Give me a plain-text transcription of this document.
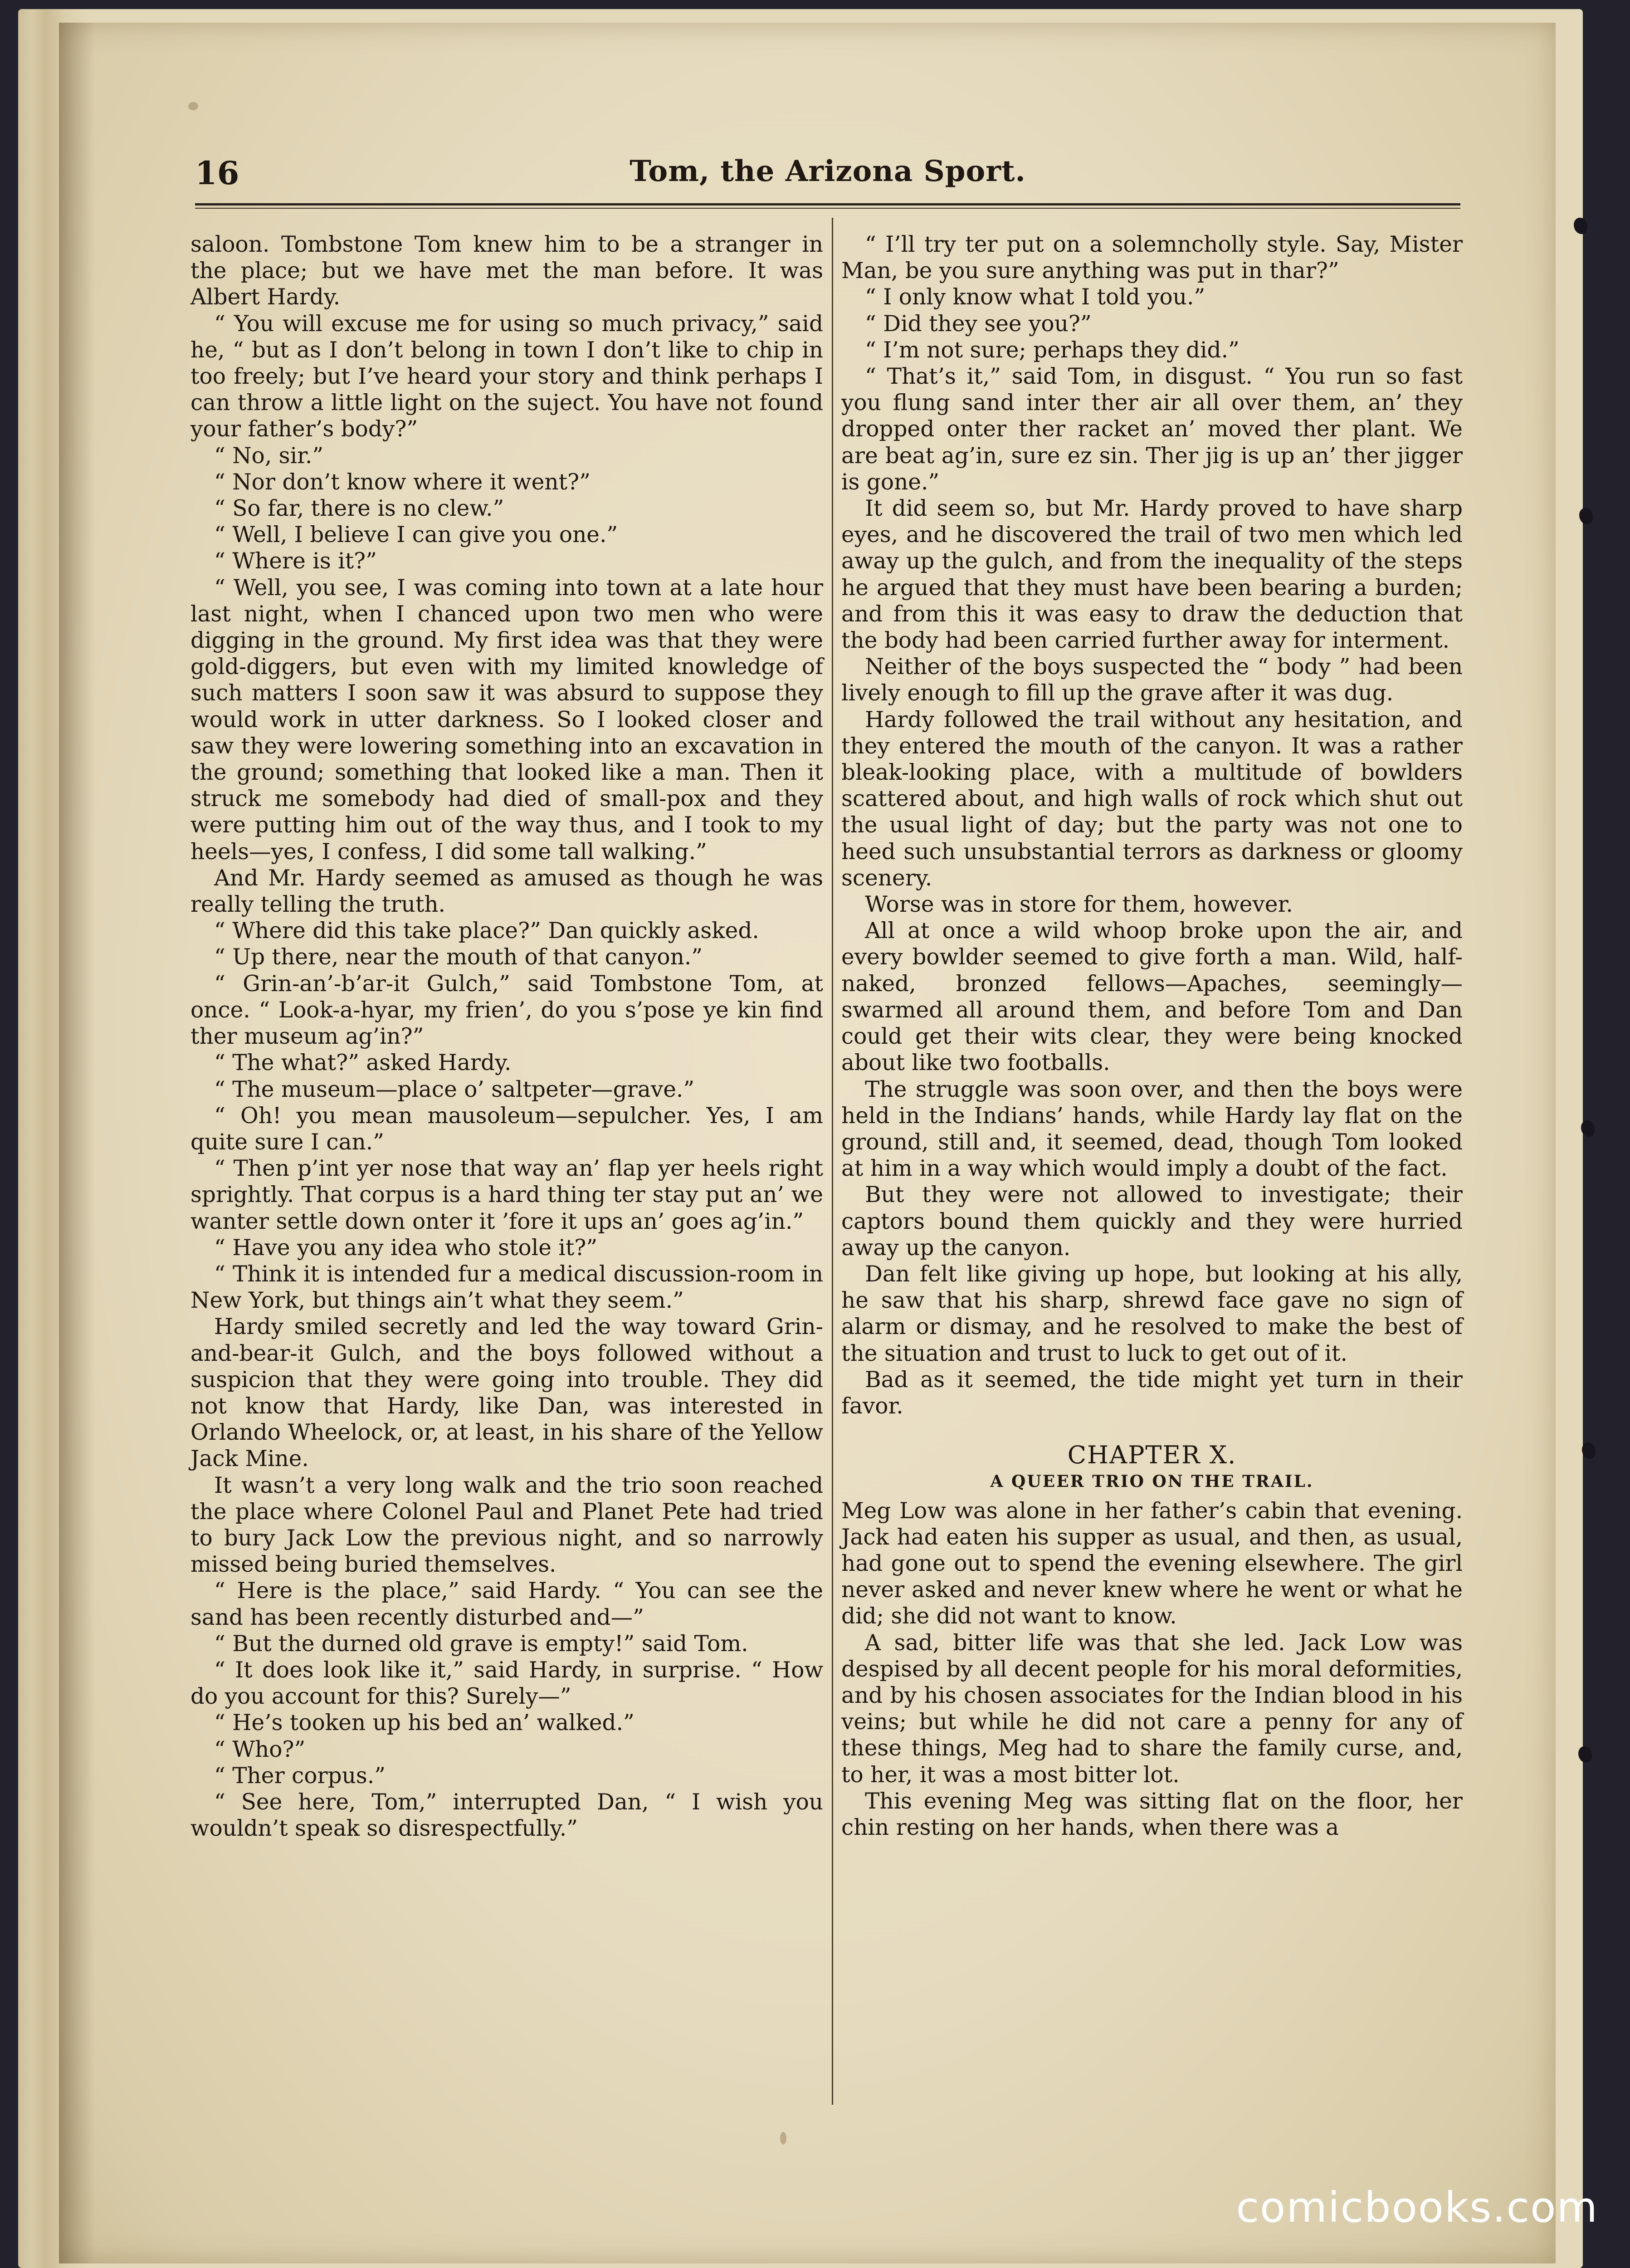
16	Tom, the Arizona Sport.

saloon. Tombstone Tom knew him to be a stranger in the place; but we have met the man before. It was Albert Hardy.

“ You will excuse me for using so much privacy,” said he, “ but as I don’t belong in town I don’t like to chip in too freely; but I’ve heard your story and think perhaps I can throw a little light on the suject. You have not found your father’s body?”

“ No, sir.”

“ Nor don’t know where it went?”

“ So far, there is no clew.”

“ Well, I believe I can give you one.”

“ Where is it?”

“ Well, you see, I was coming into town at a late hour last night, when I chanced upon two men who were digging in the ground. My first idea was that they were gold-diggers, but even with my limited knowledge of such matters I soon saw it was absurd to suppose they would work in utter darkness. So I looked closer and saw they were lowering something into an excavation in the ground; something that looked like a man. Then it struck me somebody had died of small-pox and they were putting him out of the way thus, and I took to my heels—yes, I confess, I did some tall walking.”

And Mr. Hardy seemed as amused as though he was really telling the truth.

“ Where did this take place?” Dan quickly asked.

“ Up there, near the mouth of that canyon.”

“ Grin-an’-b’ar-it Gulch,” said Tombstone Tom, at once. “ Look-a-hyar, my frien’, do you s’pose ye kin find ther museum ag’in?”

“ The what?” asked Hardy.

“ The museum—place o’ saltpeter—grave.”

“ Oh! you mean mausoleum—sepulcher. Yes, I am quite sure I can.”

“ Then p’int yer nose that way an’ flap yer heels right sprightly. That corpus is a hard thing ter stay put an’ we wanter settle down onter it ’fore it ups an’ goes ag’in.”

“ Have you any idea who stole it?”

“ Think it is intended fur a medical discussion-room in New York, but things ain’t what they seem.”

Hardy smiled secretly and led the way toward Grin-and-bear-it Gulch, and the boys followed without a suspicion that they were going into trouble. They did not know that Hardy, like Dan, was interested in Orlando Wheelock, or, at least, in his share of the Yellow Jack Mine.

It wasn’t a very long walk and the trio soon reached the place where Colonel Paul and Planet Pete had tried to bury Jack Low the previous night, and so narrowly missed being buried themselves.

“ Here is the place,” said Hardy. “ You can see the sand has been recently disturbed and—”

“ But the durned old grave is empty!” said Tom.

“ It does look like it,” said Hardy, in surprise. “ How do you account for this? Surely—”

“ He’s tooken up his bed an’ walked.”

“ Who?”

“ Ther corpus.”

“ See here, Tom,” interrupted Dan, “ I wish you wouldn’t speak so disrespectfully.”

“ I’ll try ter put on a solemncholly style. Say, Mister Man, be you sure anything was put in thar?”

“ I only know what I told you.”

“ Did they see you?”

“ I’m not sure; perhaps they did.”

“ That’s it,” said Tom, in disgust. “ You run so fast you flung sand inter ther air all over them, an’ they dropped onter ther racket an’ moved ther plant. We are beat ag’in, sure ez sin. Ther jig is up an’ ther jigger is gone.”

It did seem so, but Mr. Hardy proved to have sharp eyes, and he discovered the trail of two men which led away up the gulch, and from the inequality of the steps he argued that they must have been bearing a burden; and from this it was easy to draw the deduction that the body had been carried further away for interment.

Neither of the boys suspected the “ body ” had been lively enough to fill up the grave after it was dug.

Hardy followed the trail without any hesitation, and they entered the mouth of the canyon. It was a rather bleak-looking place, with a multitude of bowlders scattered about, and high walls of rock which shut out the usual light of day; but the party was not one to heed such unsubstantial terrors as darkness or gloomy scenery.

Worse was in store for them, however.

All at once a wild whoop broke upon the air, and every bowlder seemed to give forth a man. Wild, half-naked, bronzed fellows—Apaches, seemingly—swarmed all around them, and before Tom and Dan could get their wits clear, they were being knocked about like two footballs.

The struggle was soon over, and then the boys were held in the Indians’ hands, while Hardy lay flat on the ground, still and, it seemed, dead, though Tom looked at him in a way which would imply a doubt of the fact.

But they were not allowed to investigate; their captors bound them quickly and they were hurried away up the canyon.

Dan felt like giving up hope, but looking at his ally, he saw that his sharp, shrewd face gave no sign of alarm or dismay, and he resolved to make the best of the situation and trust to luck to get out of it.

Bad as it seemed, the tide might yet turn in their favor.

CHAPTER X.
A QUEER TRIO ON THE TRAIL.

Meg Low was alone in her father’s cabin that evening. Jack had eaten his supper as usual, and then, as usual, had gone out to spend the evening elsewhere. The girl never asked and never knew where he went or what he did; she did not want to know.

A sad, bitter life was that she led. Jack Low was despised by all decent people for his moral deformities, and by his chosen associates for the Indian blood in his veins; but while he did not care a penny for any of these things, Meg had to share the family curse, and, to her, it was a most bitter lot.

This evening Meg was sitting flat on the floor, her chin resting on her hands, when there was a

comicbooks.com
